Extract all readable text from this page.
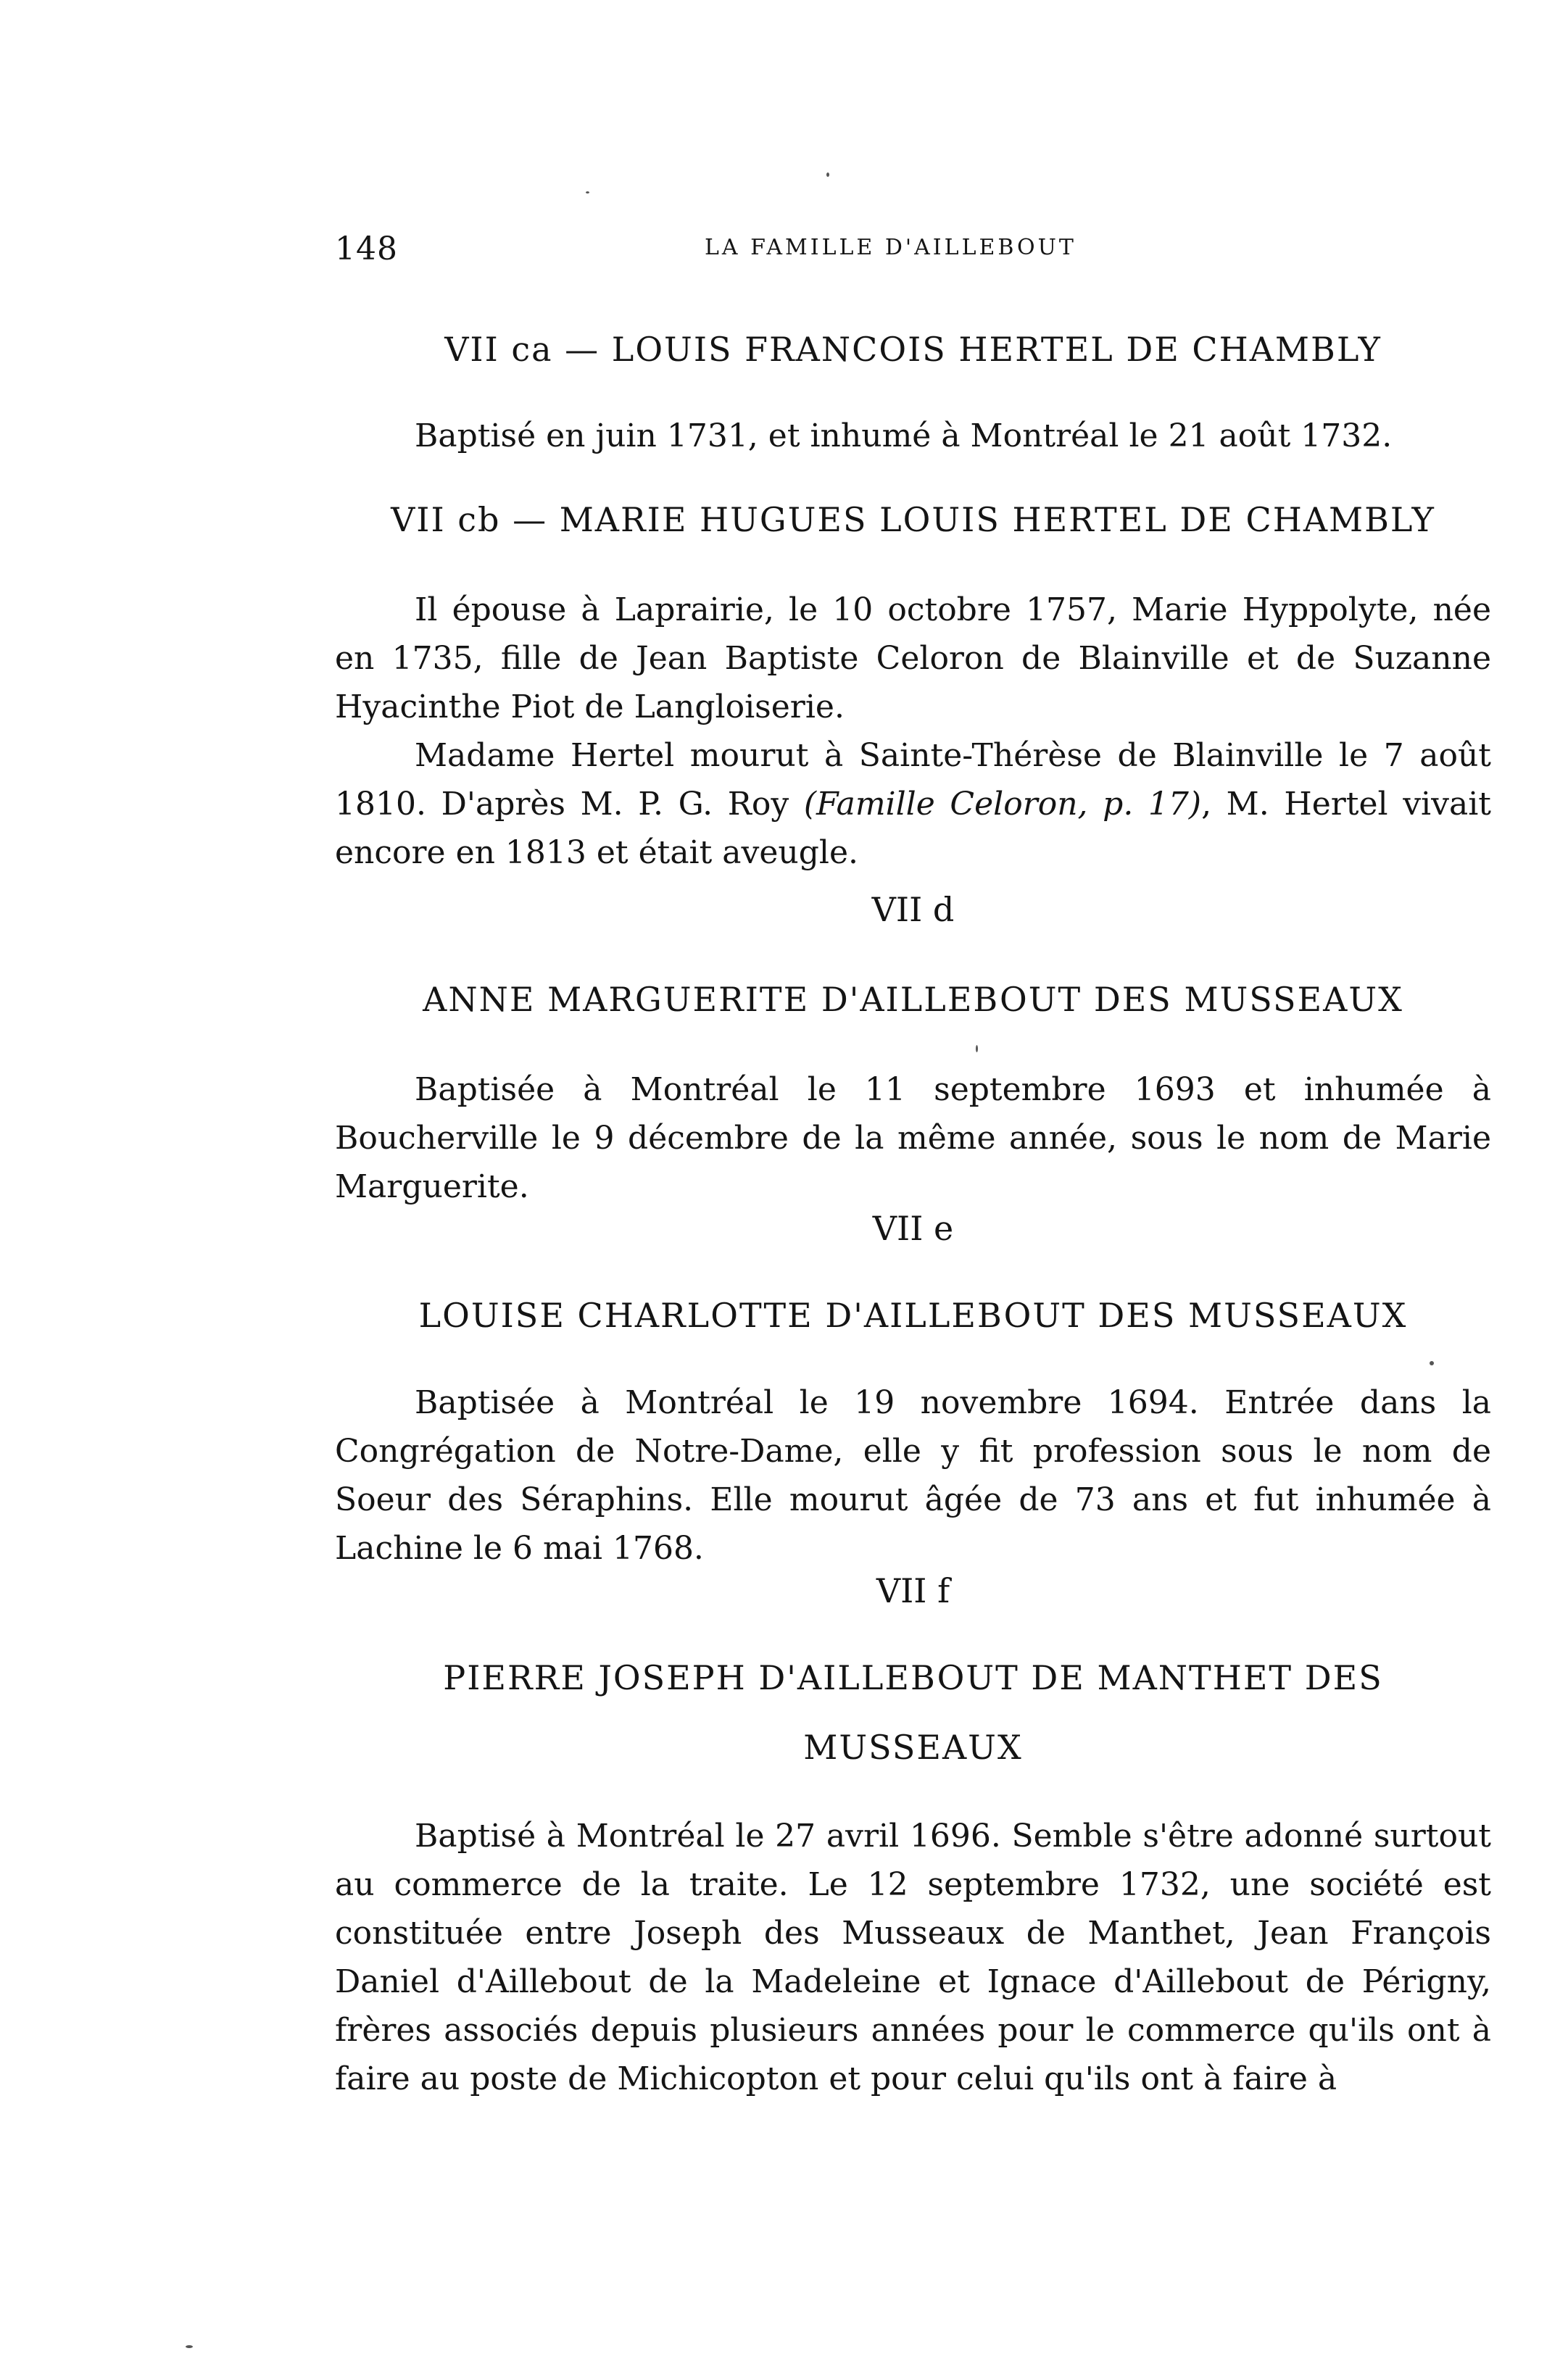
148	LA FAMILLE D'AILLEBOUT
VII ca — LOUIS FRANCOIS HERTEL DE CHAMBLY

Baptisé en juin 1731, et inhumé à Montréal le 21 août 1732.

VII cb — MARIE HUGUES LOUIS HERTEL DE CHAMBLY

Il épouse à Laprairie, le 10 octobre 1757, Marie Hyppolyte, née en 1735, fille de Jean Baptiste Celoron de Blainville et de Suzanne Hyacinthe Piot de Langloiserie.

Madame Hertel mourut à Sainte-Thérèse de Blainville le 7 août 1810. D'après M. P. G. Roy (Famille Celoron, p. 17), M. Hertel vivait encore en 1813 et était aveugle.

VII d
ANNE MARGUERITE D'AILLEBOUT DES MUSSEAUX

Baptisée à Montréal le 11 septembre 1693 et inhumée à Boucherville le 9 décembre de la même année, sous le nom de Marie Marguerite.

VII e
LOUISE CHARLOTTE D'AILLEBOUT DES MUSSEAUX

Baptisée à Montréal le 19 novembre 1694. Entrée dans la Congrégation de Notre-Dame, elle y fit profession sous le nom de Soeur des Séraphins. Elle mourut âgée de 73 ans et fut inhumée à Lachine le 6 mai 1768.

VII f
PIERRE JOSEPH D'AILLEBOUT DE MANTHET DES
MUSSEAUX

Baptisé à Montréal le 27 avril 1696. Semble s'être adonné surtout au commerce de la traite. Le 12 septembre 1732, une société est constituée entre Joseph des Musseaux de Manthet, Jean François Daniel d'Aillebout de la Madeleine et Ignace d'Aillebout de Périgny, frères associés depuis plusieurs années pour le commerce qu'ils ont à faire au poste de Michicopton et pour celui qu'ils ont à faire à
